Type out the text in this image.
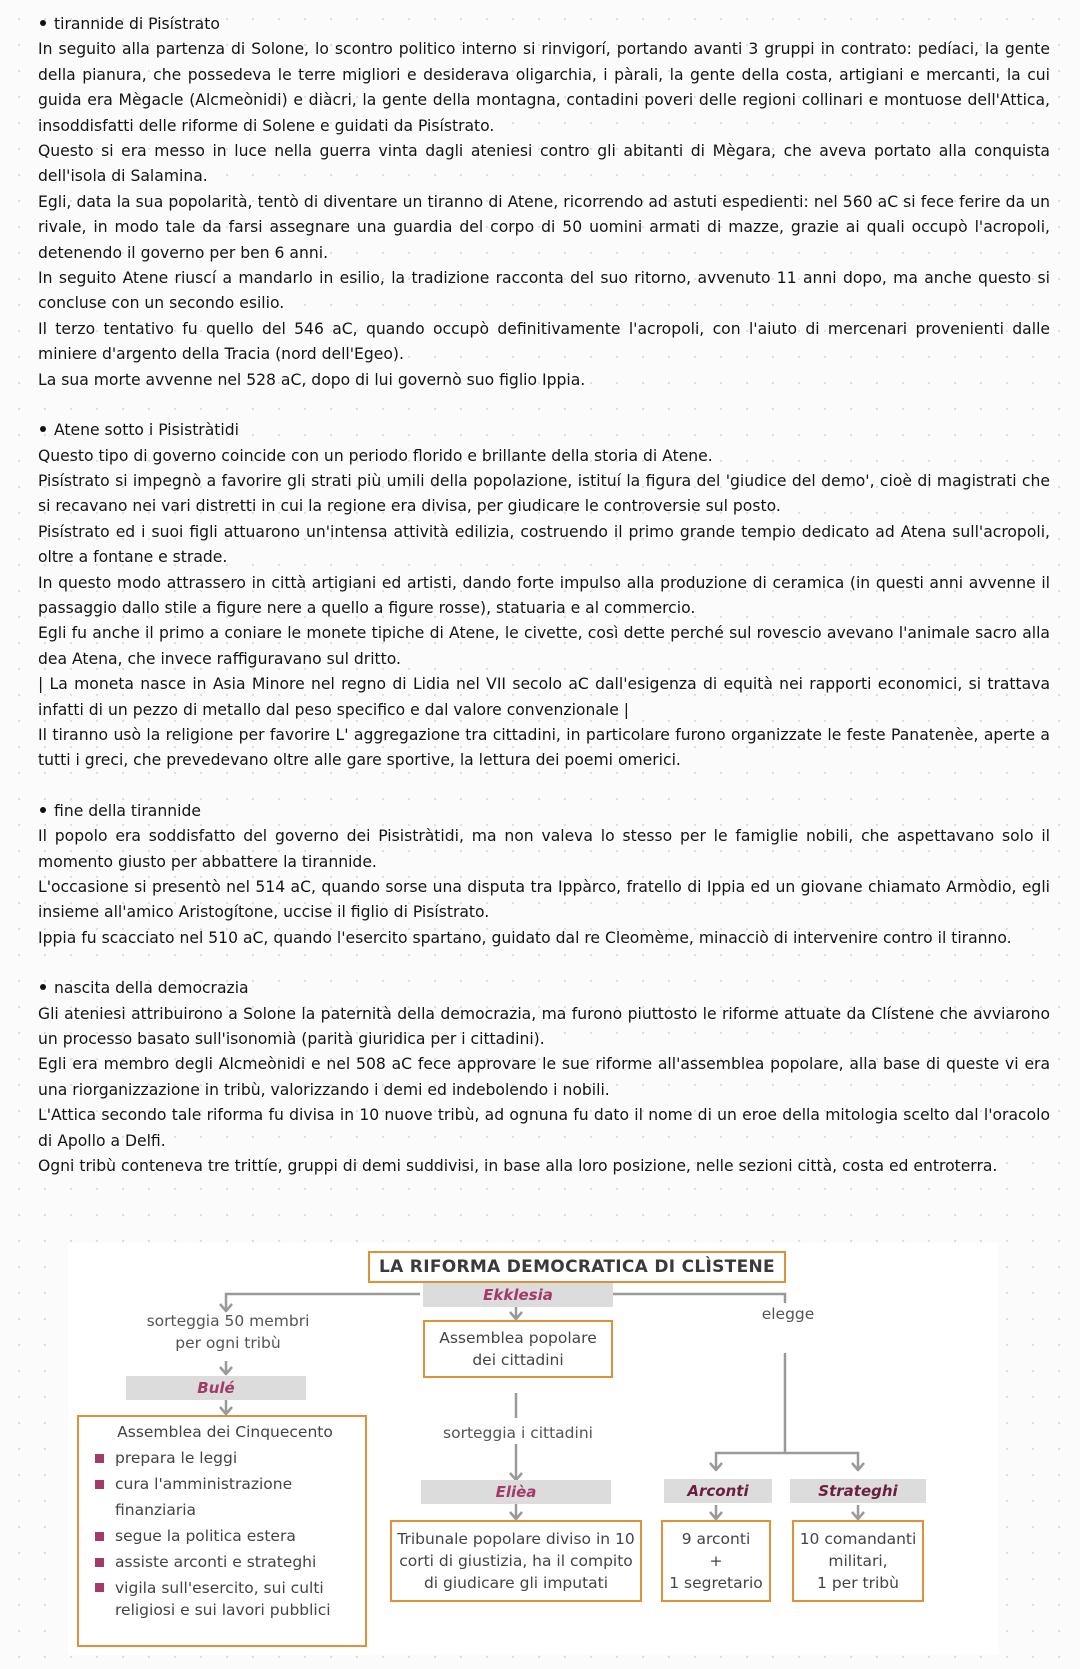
tirannide di Pisístrato

In seguito alla partenza di Solone, lo scontro politico interno si rinvigorí, portando avanti 3 gruppi in contrato: pedíaci, la gente della pianura, che possedeva le terre migliori e desiderava oligarchia, i pàrali, la gente della costa, artigiani e mercanti, la cui guida era Mègacle (Alcmeònidi) e diàcri, la gente della montagna, contadini poveri delle regioni collinari e montuose dell'Attica, insoddisfatti delle riforme di Solene e guidati da Pisístrato.

Questo si era messo in luce nella guerra vinta dagli ateniesi contro gli abitanti di Mègara, che aveva portato alla conquista dell'isola di Salamina.

Egli, data la sua popolarità, tentò di diventare un tiranno di Atene, ricorrendo ad astuti espedienti: nel 560 aC si fece ferire da un rivale, in modo tale da farsi assegnare una guardia del corpo di 50 uomini armati di mazze, grazie ai quali occupò l'acropoli, detenendo il governo per ben 6 anni.

In seguito Atene riuscí a mandarlo in esilio, la tradizione racconta del suo ritorno, avvenuto 11 anni dopo, ma anche questo si concluse con un secondo esilio.

Il terzo tentativo fu quello del 546 aC, quando occupò definitivamente l'acropoli, con l'aiuto di mercenari provenienti dalle miniere d'argento della Tracia (nord dell'Egeo).

La sua morte avvenne nel 528 aC, dopo di lui governò suo figlio Ippia.

Atene sotto i Pisistràtidi

Questo tipo di governo coincide con un periodo florido e brillante della storia di Atene.

Pisístrato si impegnò a favorire gli strati più umili della popolazione, istituí la figura del 'giudice del demo', cioè di magistrati che si recavano nei vari distretti in cui la regione era divisa, per giudicare le controversie sul posto.

Pisístrato ed i suoi figli attuarono un'intensa attività edilizia, costruendo il primo grande tempio dedicato ad Atena sull'acropoli, oltre a fontane e strade.

In questo modo attrassero in città artigiani ed artisti, dando forte impulso alla produzione di ceramica (in questi anni avvenne il passaggio dallo stile a figure nere a quello a figure rosse), statuaria e al commercio.

Egli fu anche il primo a coniare le monete tipiche di Atene, le civette, così dette perché sul rovescio avevano l'animale sacro alla dea Atena, che invece raffiguravano sul dritto.

| La moneta nasce in Asia Minore nel regno di Lidia nel VII secolo aC dall'esigenza di equità nei rapporti economici, si trattava infatti di un pezzo di metallo dal peso specifico e dal valore convenzionale |

Il tiranno usò la religione per favorire L' aggregazione tra cittadini, in particolare furono organizzate le feste Panatenèe, aperte a tutti i greci, che prevedevano oltre alle gare sportive, la lettura dei poemi omerici.

fine della tirannide

Il popolo era soddisfatto del governo dei Pisistràtidi, ma non valeva lo stesso per le famiglie nobili, che aspettavano solo il momento giusto per abbattere la tirannide.

L'occasione si presentò nel 514 aC, quando sorse una disputa tra Ippàrco, fratello di Ippia ed un giovane chiamato Armòdio, egli insieme all'amico Aristogítone, uccise il figlio di Pisístrato.

Ippia fu scacciato nel 510 aC, quando l'esercito spartano, guidato dal re Cleomème, minacciò di intervenire contro il tiranno.

nascita della democrazia

Gli ateniesi attribuirono a Solone la paternità della democrazia, ma furono piuttosto le riforme attuate da Clístene che avviarono un processo basato sull'isonomià (parità giuridica per i cittadini).

Egli era membro degli Alcmeònidi e nel 508 aC fece approvare le sue riforme all'assemblea popolare, alla base di queste vi era una riorganizzazione in tribù, valorizzando i demi ed indebolendo i nobili.

L'Attica secondo tale riforma fu divisa in 10 nuove tribù, ad ognuna fu dato il nome di un eroe della mitologia scelto dal l'oracolo di Apollo a Delfi.

Ogni tribù conteneva tre trittíe, gruppi di demi suddivisi, in base alla loro posizione, nelle sezioni città, costa ed entroterra.

LA RIFORMA DEMOCRATICA DI CLÌSTENE
Ekklesia
Assemblea popolare
dei cittadini
sorteggia 50 membri
per ogni tribù
Bulé
Assemblea dei Cinquecento
prepara le leggi
cura l'amministrazione finanziaria
segue la politica estera
assiste arconti e strateghi
vigila sull'esercito, sui culti religiosi e sui lavori pubblici
sorteggia i cittadini
Elièa
Tribunale popolare diviso in 10
corti di giustizia, ha il compito
di giudicare gli imputati
elegge
Arconti
9 arconti
+
1 segretario
Strateghi
10 comandanti
militari,
1 per tribù
